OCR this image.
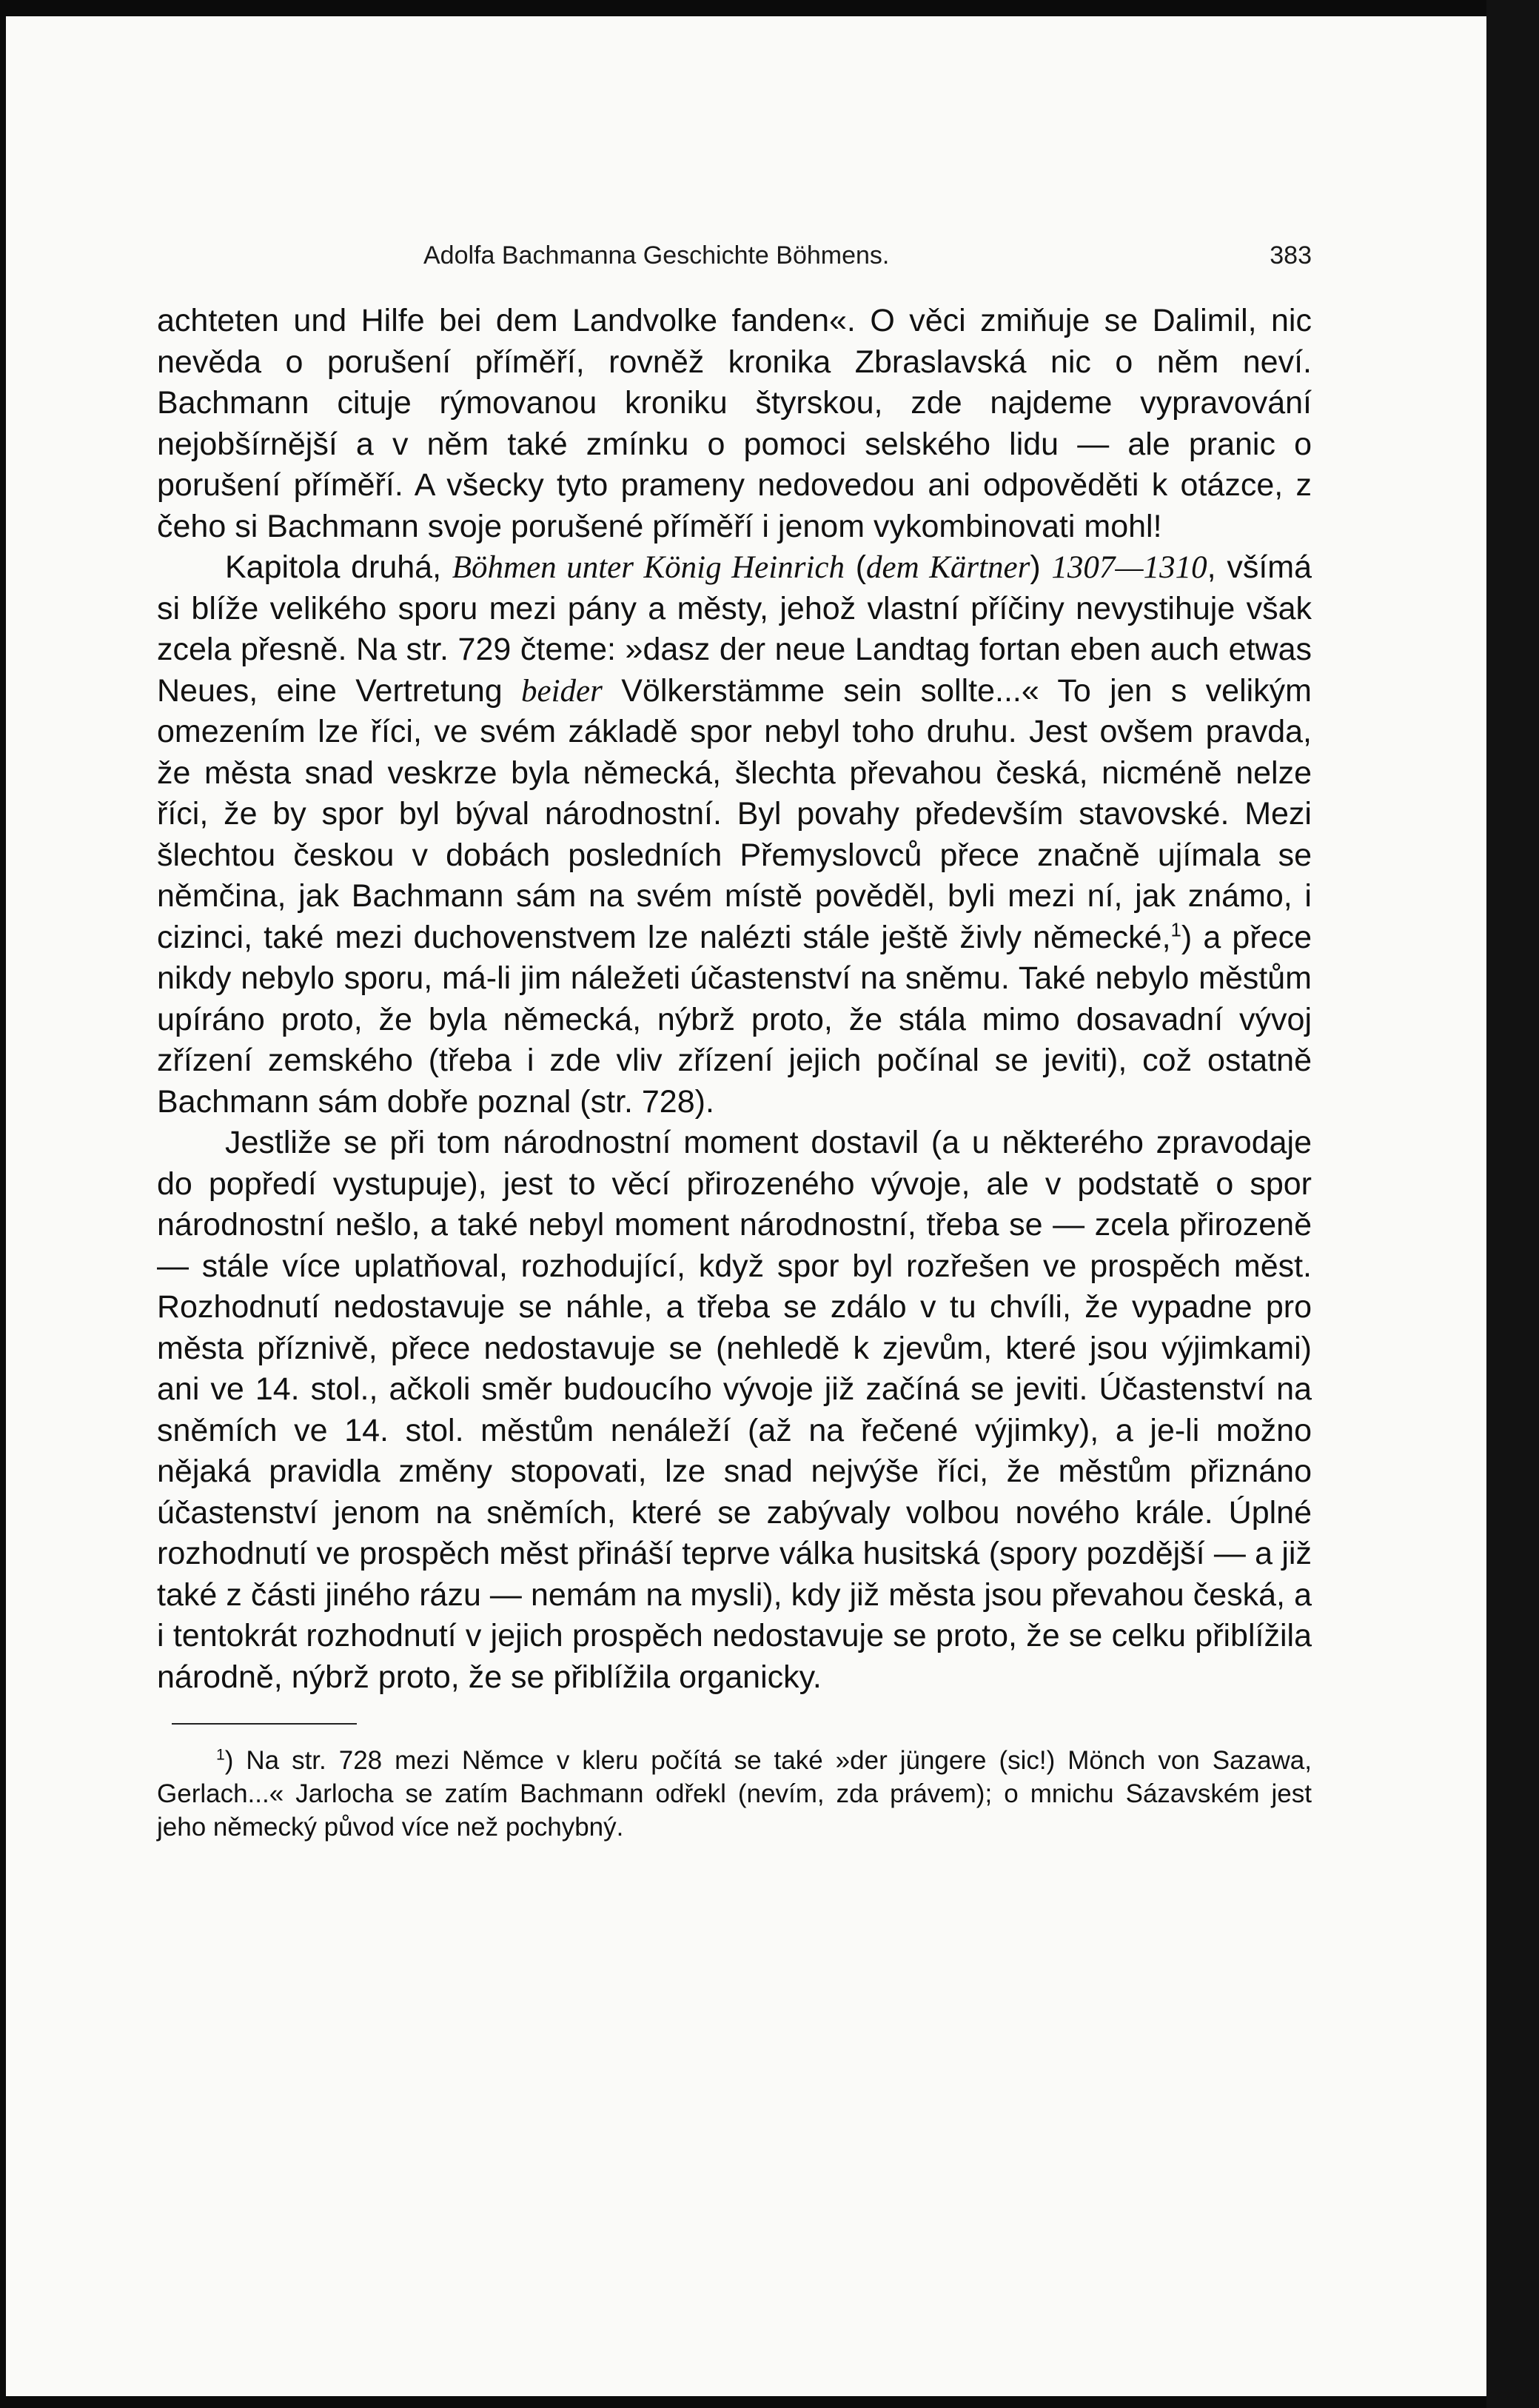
Adolfa Bachmanna Geschichte Böhmens.	383

achteten und Hilfe bei dem Landvolke fanden«. O věci zmiňuje se Dalimil, nic nevěda o porušení příměří, rovněž kronika Zbraslavská nic o něm neví. Bachmann cituje rýmovanou kroniku štyrskou, zde najdeme vypravování nejobšírnější a v něm také zmínku o pomoci selského lidu — ale pranic o porušení příměří. A všecky tyto prameny nedovedou ani odpověděti k otázce, z čeho si Bachmann svoje porušené příměří i jenom vykombinovati mohl!

Kapitola druhá, Böhmen unter König Heinrich (dem Kärtner) 1307—1310, všímá si blíže velikého sporu mezi pány a městy, jehož vlastní příčiny nevystihuje však zcela přesně. Na str. 729 čteme: »dasz der neue Landtag fortan eben auch etwas Neues, eine Vertretung beider Völkerstämme sein sollte...« To jen s velikým omezením lze říci, ve svém základě spor nebyl toho druhu. Jest ovšem pravda, že města snad veskrze byla německá, šlechta převahou česká, nicméně nelze říci, že by spor byl býval národnostní. Byl povahy především stavovské. Mezi šlechtou českou v dobách posledních Přemyslovců přece značně ujímala se němčina, jak Bachmann sám na svém místě pověděl, byli mezi ní, jak známo, i cizinci, také mezi duchovenstvem lze nalézti stále ještě živly německé,$^1$) a přece nikdy nebylo sporu, má-li jim náležeti účastenství na sněmu. Také nebylo městům upíráno proto, že byla německá, nýbrž proto, že stála mimo dosavadní vývoj zřízení zemského (třeba i zde vliv zřízení jejich počínal se jeviti), což ostatně Bachmann sám dobře poznal (str. 728).

Jestliže se při tom národnostní moment dostavil (a u některého zpravodaje do popředí vystupuje), jest to věcí přirozeného vývoje, ale v podstatě o spor národnostní nešlo, a také nebyl moment národnostní, třeba se — zcela přirozeně — stále více uplatňoval, rozhodující, když spor byl rozřešen ve prospěch měst. Rozhodnutí nedostavuje se náhle, a třeba se zdálo v tu chvíli, že vypadne pro města příznivě, přece nedostavuje se (nehledě k zjevům, které jsou výjimkami) ani ve 14. stol., ačkoli směr budoucího vývoje již začíná se jeviti. Účastenství na sněmích ve 14. stol. městům nenáleží (až na řečené výjimky), a je-li možno nějaká pravidla změny stopovati, lze snad nejvýše říci, že městům přiznáno účastenství jenom na sněmích, které se zabývaly volbou nového krále. Úplné rozhodnutí ve prospěch měst přináší teprve válka husitská (spory pozdější — a již také z části jiného rázu — nemám na mysli), kdy již města jsou převahou česká, a i tentokrát rozhodnutí v jejich prospěch nedostavuje se proto, že se celku přiblížila národně, nýbrž proto, že se přiblížila organicky.

$^1$) Na str. 728 mezi Němce v kleru počítá se také »der jüngere (sic!) Mönch von Sazawa, Gerlach...« Jarlocha se zatím Bachmann odřekl (nevím, zda právem); o mnichu Sázavském jest jeho německý původ více než pochybný.
